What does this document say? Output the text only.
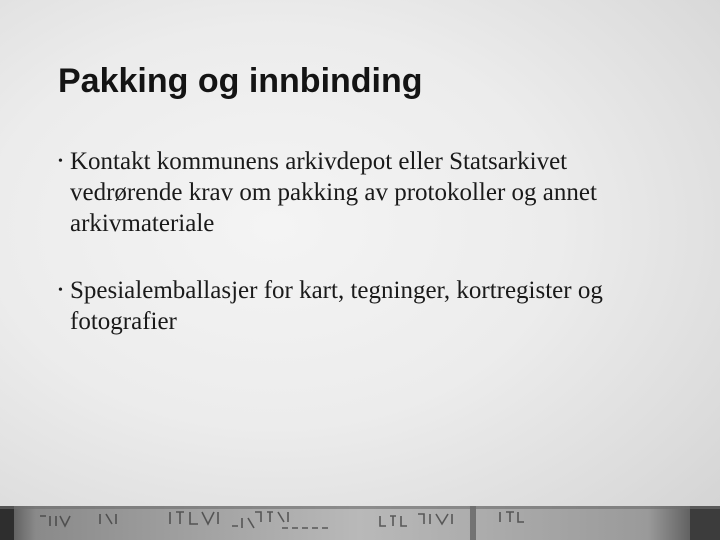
Pakking og innbinding
• Kontakt kommunens arkivdepot eller Statsarkivet vedrørende krav om pakking av protokoller og annet arkivmateriale
• Spesialemballasjer for kart, tegninger, kortregister og fotografier
